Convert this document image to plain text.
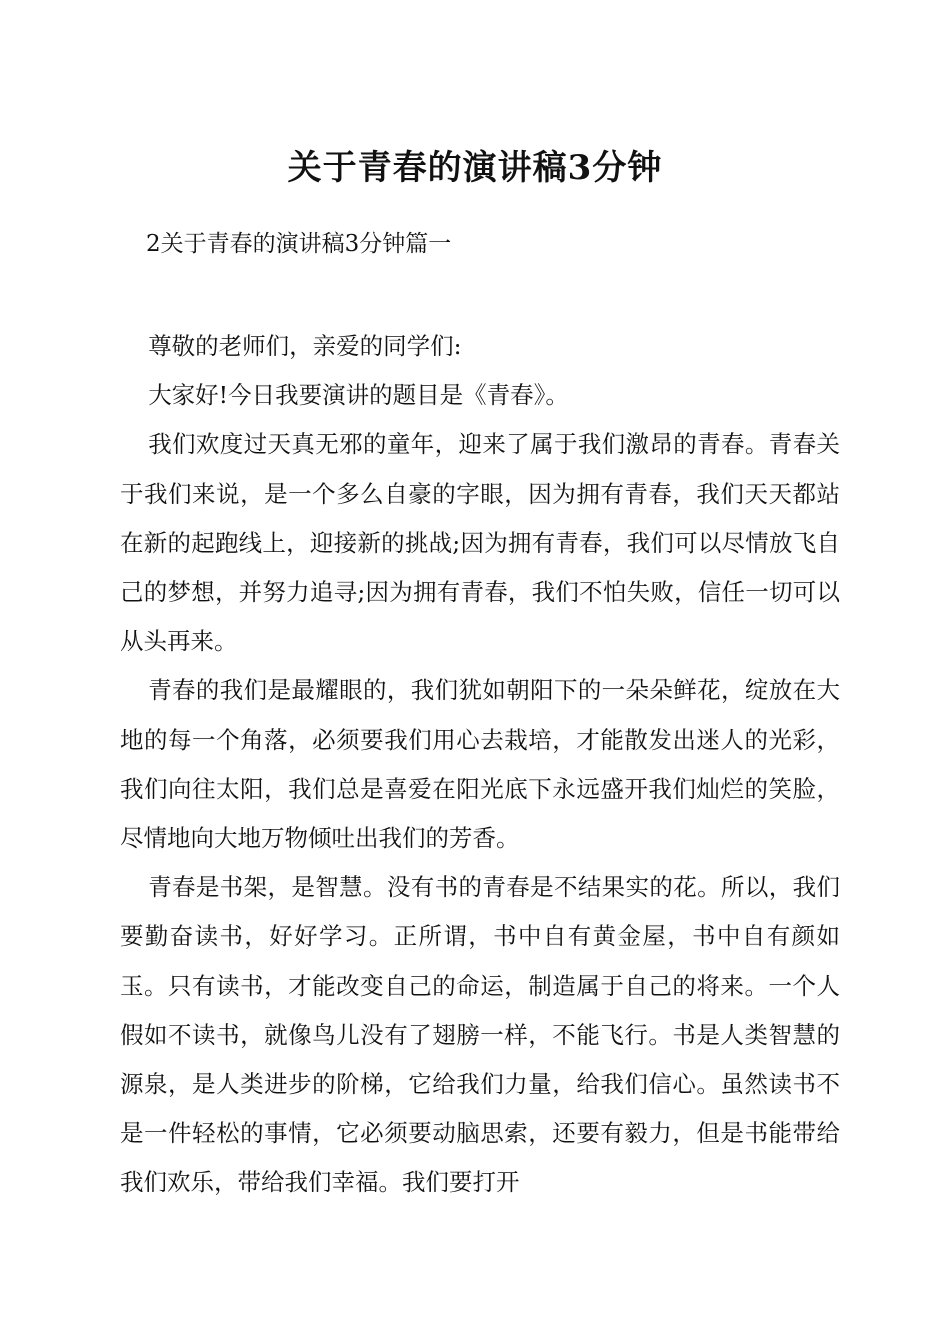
关于青春的演讲稿3分钟
2关于青春的演讲稿3分钟篇一

尊敬的老师们，亲爱的同学们:

大家好!今日我要演讲的题目是《青春》。

我们欢度过天真无邪的童年，迎来了属于我们激昂的青春。青春关于我们来说，是一个多么自豪的字眼，因为拥有青春，我们天天都站在新的起跑线上，迎接新的挑战;因为拥有青春，我们可以尽情放飞自己的梦想，并努力追寻;因为拥有青春，我们不怕失败，信任一切可以从头再来。

青春的我们是最耀眼的，我们犹如朝阳下的一朵朵鲜花，绽放在大地的每一个角落，必须要我们用心去栽培，才能散发出迷人的光彩，我们向往太阳，我们总是喜爱在阳光底下永远盛开我们灿烂的笑脸，尽情地向大地万物倾吐出我们的芳香。

青春是书架，是智慧。没有书的青春是不结果实的花。所以，我们要勤奋读书，好好学习。正所谓，书中自有黄金屋，书中自有颜如玉。只有读书，才能改变自己的命运，制造属于自己的将来。一个人假如不读书，就像鸟儿没有了翅膀一样，不能飞行。书是人类智慧的源泉，是人类进步的阶梯，它给我们力量，给我们信心。虽然读书不是一件轻松的事情，它必须要动脑思索，还要有毅力，但是书能带给我们欢乐，带给我们幸福。我们要打开
